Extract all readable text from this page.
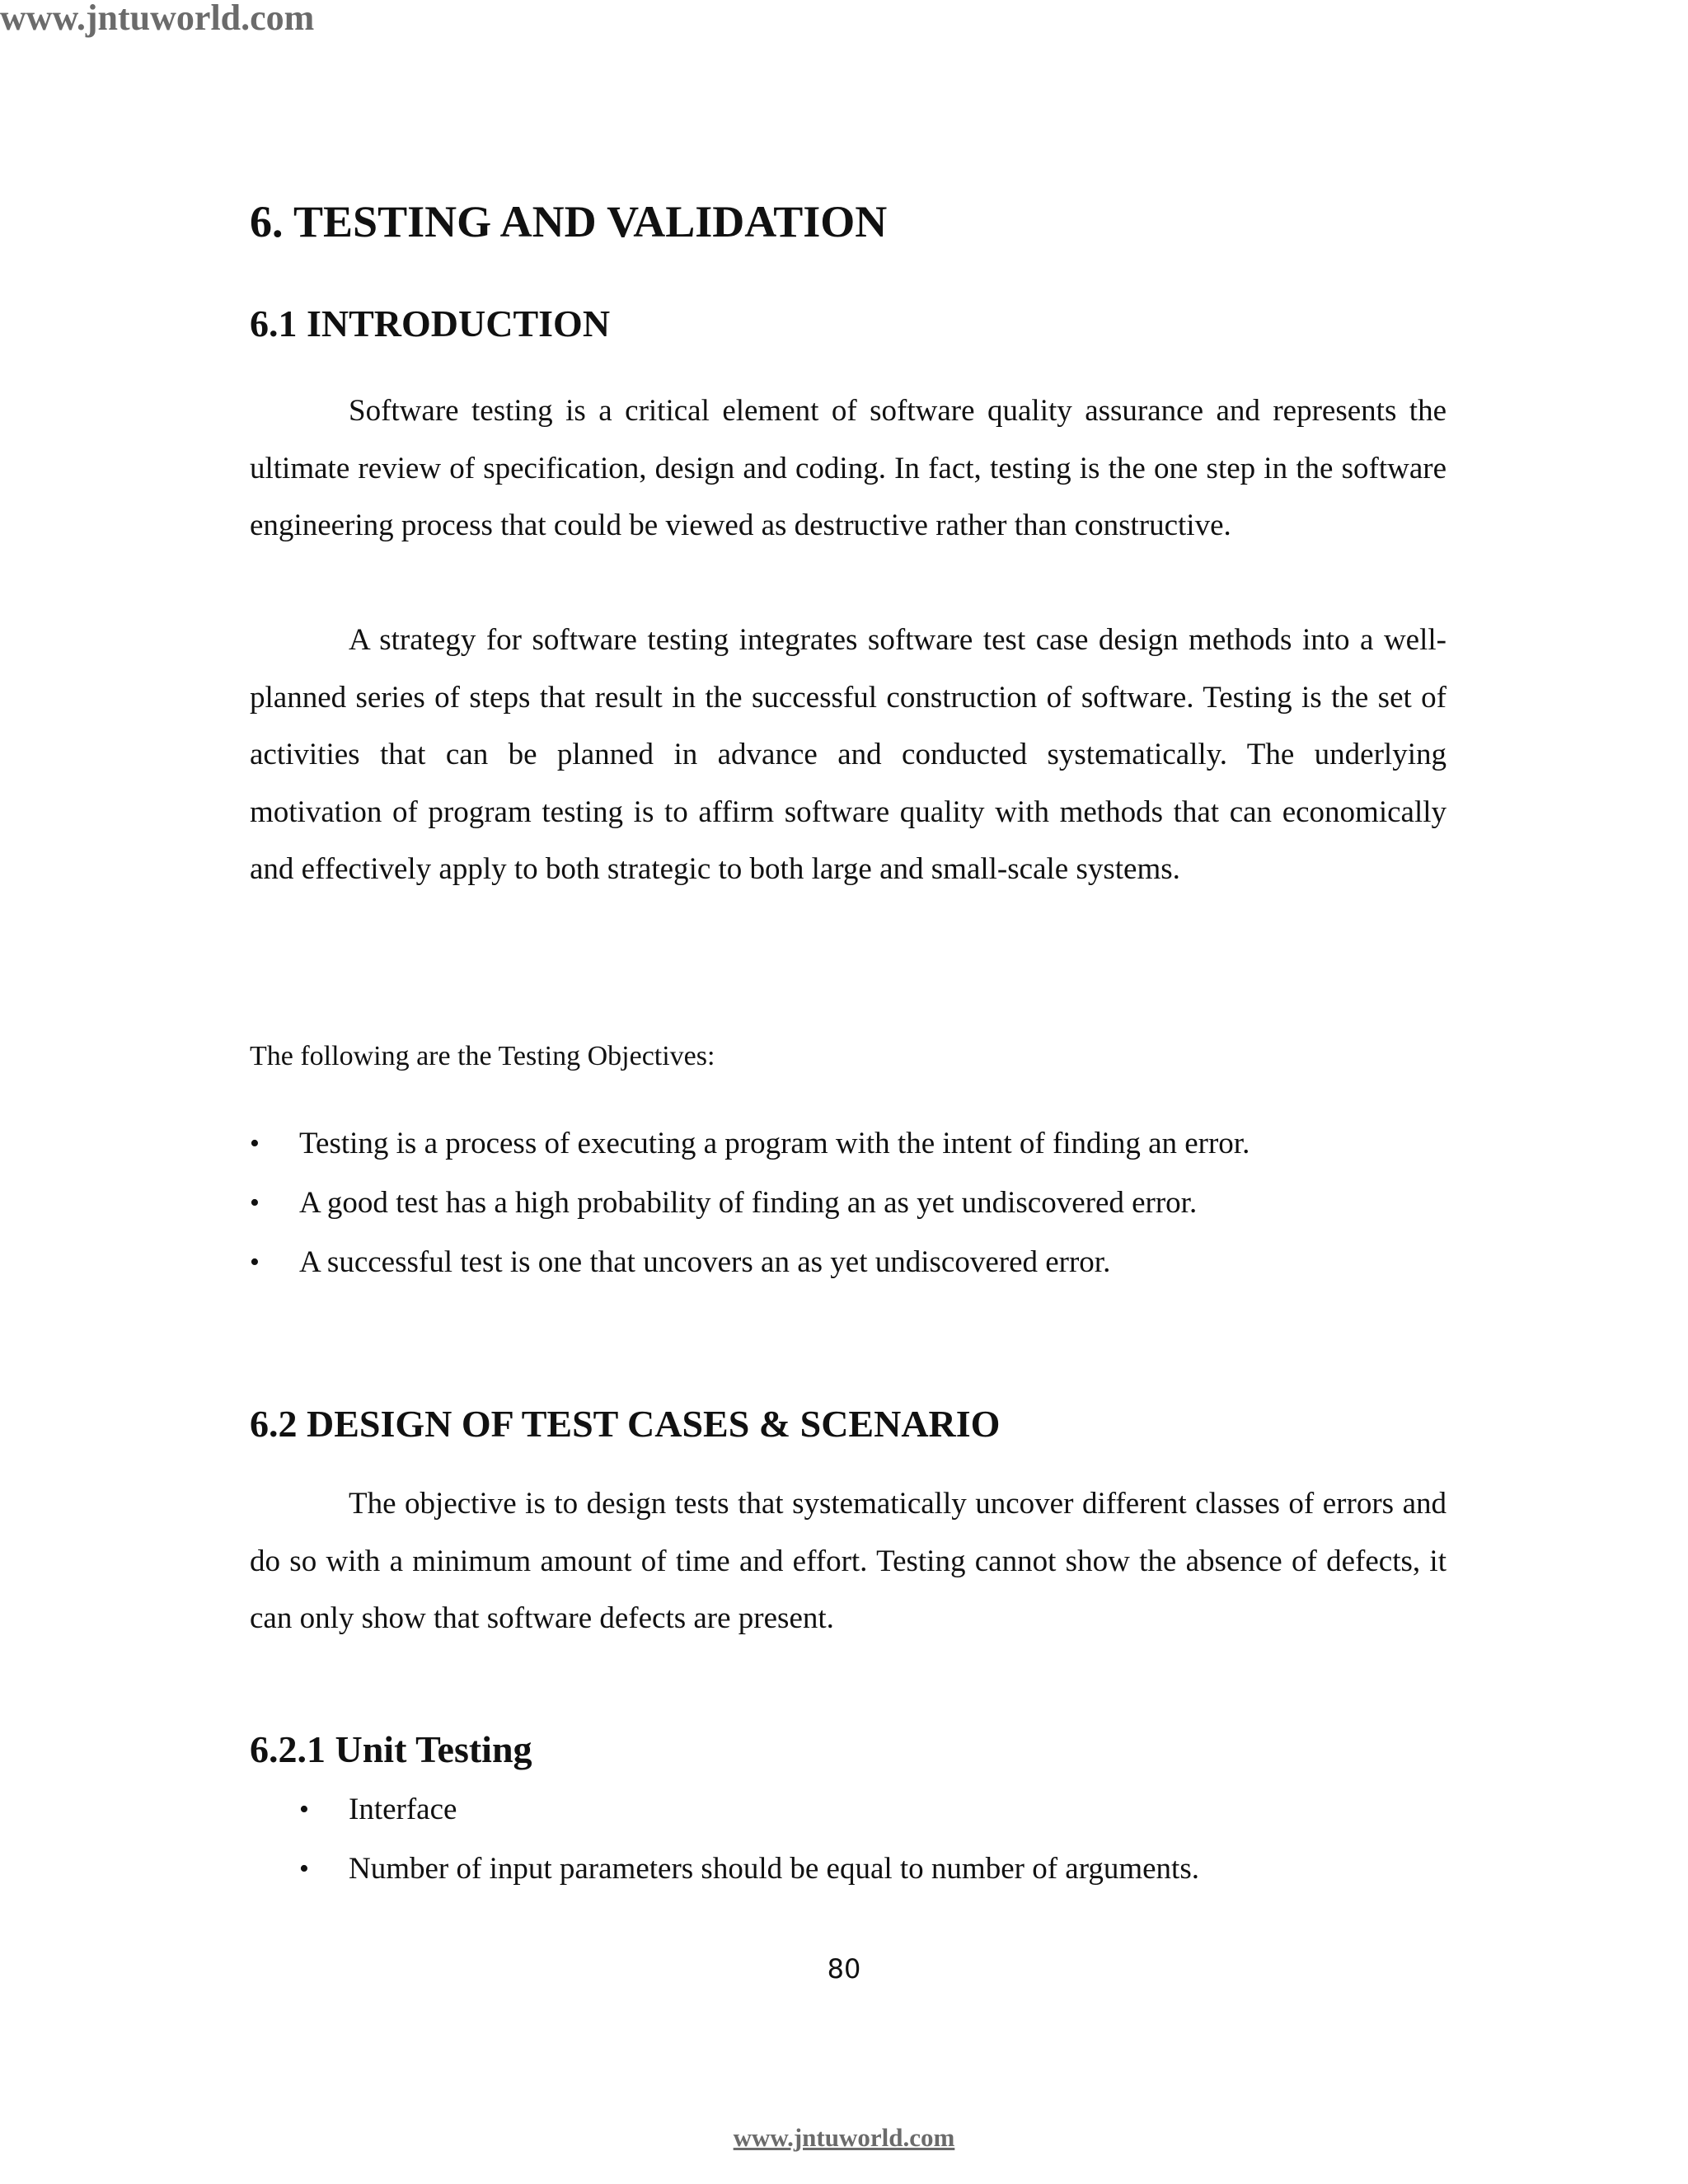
www.jntuworld.com

6. TESTING AND VALIDATION
6.1 INTRODUCTION

Software testing is a critical element of software quality assurance and represents the ultimate review of specification, design and coding. In fact, testing is the one step in the software engineering process that could be viewed as destructive rather than constructive.

A strategy for software testing integrates software test case design methods into a well-planned series of steps that result in the successful construction of software. Testing is the set of activities that can be planned in advance and conducted systematically. The underlying motivation of program testing is to affirm software quality with methods that can economically and effectively apply to both strategic to both large and small-scale systems.

The following are the Testing Objectives:

• Testing is a process of executing a program with the intent of finding an error.
• A good test has a high probability of finding an as yet undiscovered error.
• A successful test is one that uncovers an as yet undiscovered error.
6.2 DESIGN OF TEST CASES & SCENARIO

The objective is to design tests that systematically uncover different classes of errors and do so with a minimum amount of time and effort. Testing cannot show the absence of defects, it can only show that software defects are present.

6.2.1 Unit Testing
• Interface
• Number of input parameters should be equal to number of arguments.

80

www.jntuworld.com
